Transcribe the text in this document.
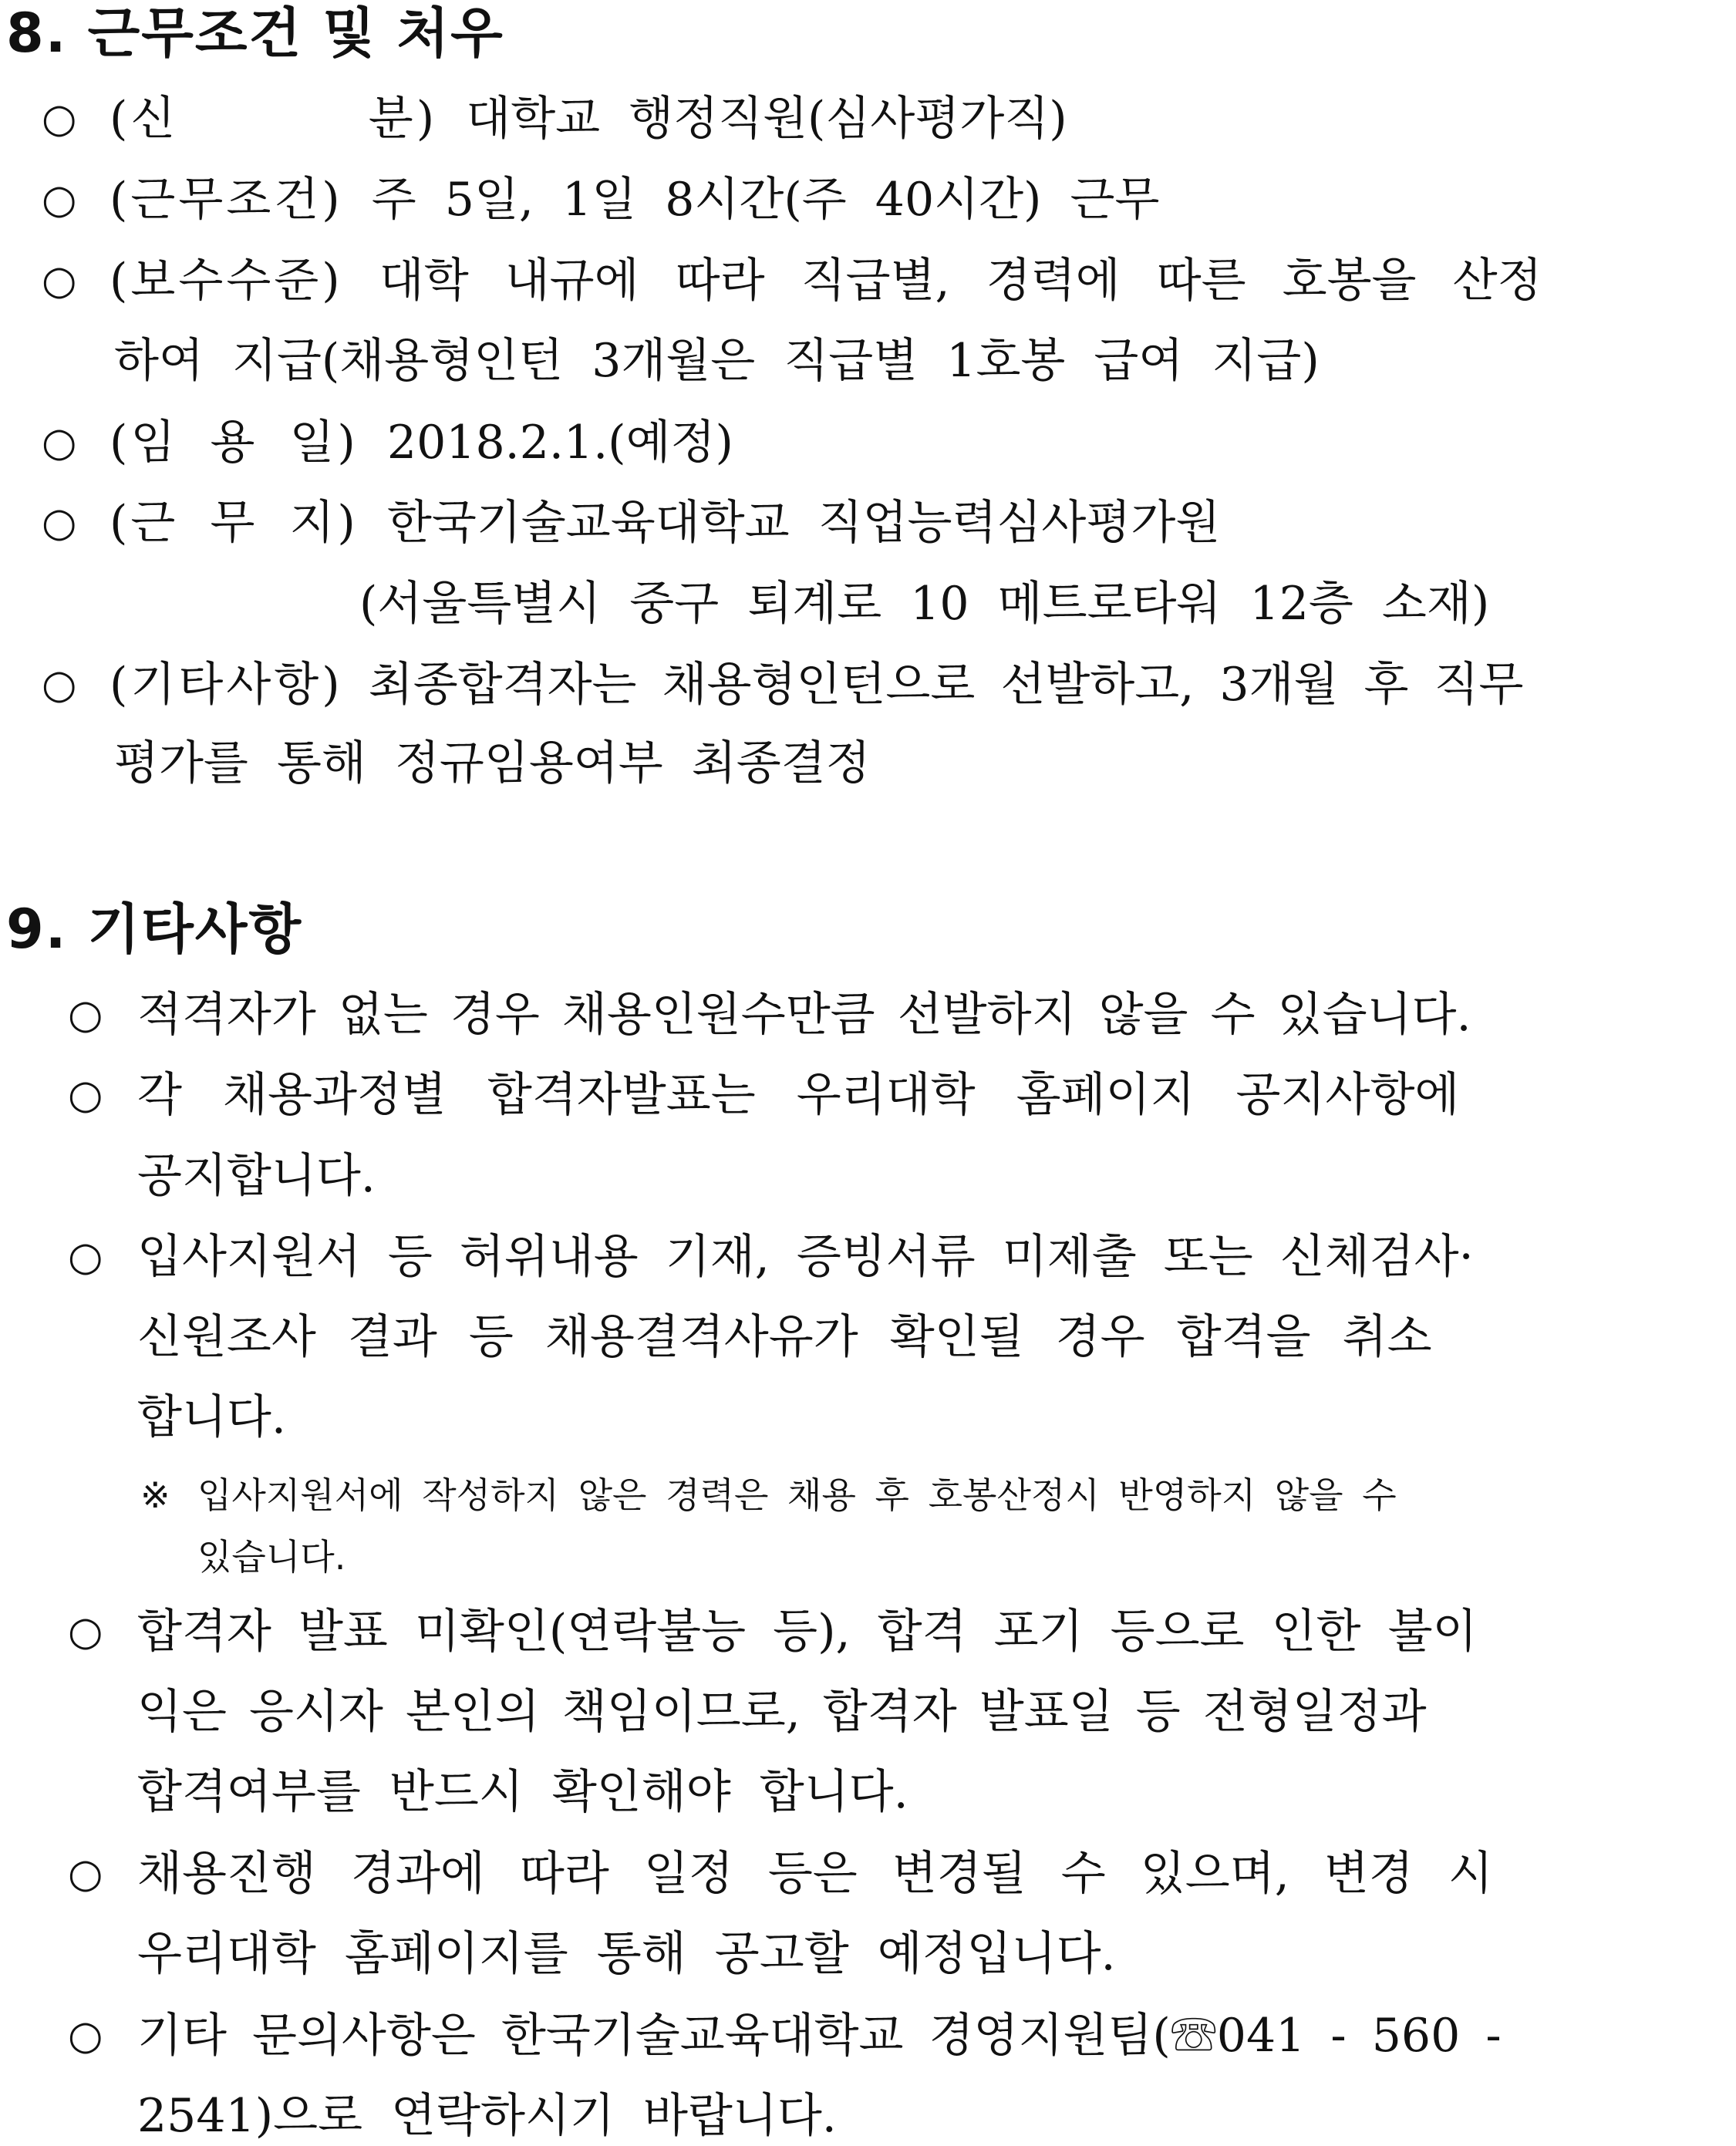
8. 근무조건 및 처우
○ (신      분) 대학교 행정직원(심사평가직)
○ (근무조건) 주 5일, 1일 8시간(주 40시간) 근무
○ (보수수준) 대학 내규에 따라 직급별, 경력에 따른 호봉을 산정
하여 지급(채용형인턴 3개월은 직급별 1호봉 급여 지급)
○ (임 용 일) 2018.2.1.(예정)
○ (근 무 지) 한국기술교육대학교 직업능력심사평가원
(서울특별시 중구 퇴계로 10 메트로타워 12층 소재)
○ (기타사항) 최종합격자는 채용형인턴으로 선발하고, 3개월 후 직무
평가를 통해 정규임용여부 최종결정
9. 기타사항
○ 적격자가 없는 경우 채용인원수만큼 선발하지 않을 수 있습니다.
○ 각 채용과정별 합격자발표는 우리대학 홈페이지 공지사항에
공지합니다.
○ 입사지원서 등 허위내용 기재, 증빙서류 미제출 또는 신체검사·
신원조사 결과 등 채용결격사유가 확인될 경우 합격을 취소
합니다.
※ 입사지원서에 작성하지 않은 경력은 채용 후 호봉산정시 반영하지 않을 수
있습니다.
○ 합격자 발표 미확인(연락불능 등), 합격 포기 등으로 인한 불이
익은 응시자 본인의 책임이므로, 합격자 발표일 등 전형일정과
합격여부를 반드시 확인해야 합니다.
○ 채용진행 경과에 따라 일정 등은 변경될 수 있으며, 변경 시
우리대학 홈페이지를 통해 공고할 예정입니다.
○ 기타 문의사항은 한국기술교육대학교 경영지원팀(☏041 - 560 -
2541)으로 연락하시기 바랍니다.
